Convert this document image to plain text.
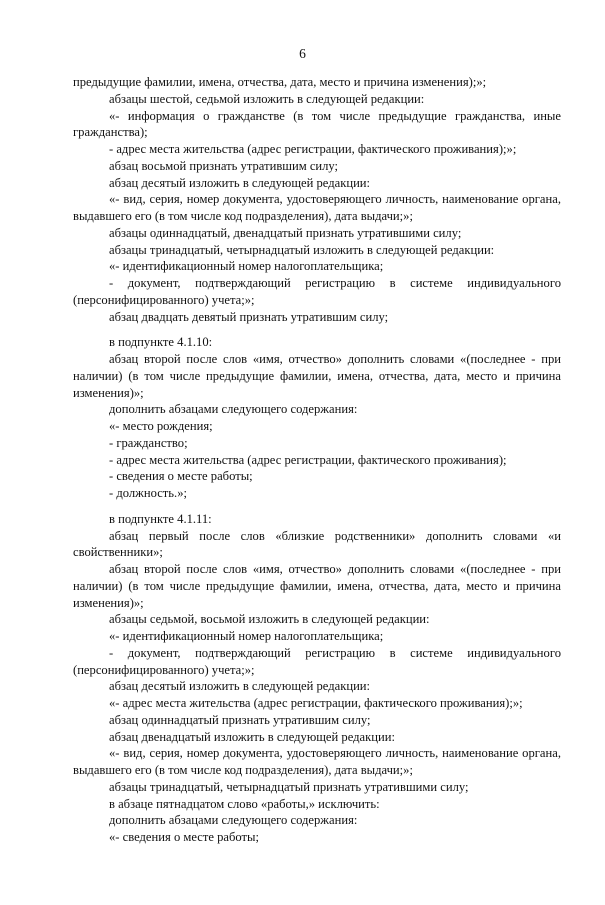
6

предыдущие фамилии, имена, отчества, дата, место и причина изменения);»;

абзацы шестой, седьмой изложить в следующей редакции:

«- информация о гражданстве (в том числе предыдущие гражданства, иные гражданства);

- адрес места жительства (адрес регистрации, фактического проживания);»;

абзац восьмой признать утратившим силу;

абзац десятый изложить в следующей редакции:

«- вид, серия, номер документа, удостоверяющего личность, наименование органа, выдавшего его (в том числе код подразделения), дата выдачи;»;

абзацы одиннадцатый, двенадцатый признать утратившими силу;

абзацы тринадцатый, четырнадцатый изложить в следующей редакции:

«- идентификационный номер налогоплательщика;

- документ, подтверждающий регистрацию в системе индивидуального (персонифицированного) учета;»;

абзац двадцать девятый признать утратившим силу;

в подпункте 4.1.10:

абзац второй после слов «имя, отчество» дополнить словами «(последнее - при наличии) (в том числе предыдущие фамилии, имена, отчества, дата, место и причина изменения)»;

дополнить абзацами следующего содержания:

«- место рождения;

- гражданство;

- адрес места жительства (адрес регистрации, фактического проживания);

- сведения о месте работы;

- должность.»;

в подпункте 4.1.11:

абзац первый после слов «близкие родственники» дополнить словами «и свойственники»;

абзац второй после слов «имя, отчество» дополнить словами «(последнее - при наличии) (в том числе предыдущие фамилии, имена, отчества, дата, место и причина изменения)»;

абзацы седьмой, восьмой изложить в следующей редакции:

«- идентификационный номер налогоплательщика;

- документ, подтверждающий регистрацию в системе индивидуального (персонифицированного) учета;»;

абзац десятый изложить в следующей редакции:

«- адрес места жительства (адрес регистрации, фактического проживания);»;

абзац одиннадцатый признать утратившим силу;

абзац двенадцатый изложить в следующей редакции:

«- вид, серия, номер документа, удостоверяющего личность, наименование органа, выдавшего его (в том числе код подразделения), дата выдачи;»;

абзацы тринадцатый, четырнадцатый признать утратившими силу;

в абзаце пятнадцатом слово «работы,» исключить:

дополнить абзацами следующего содержания:

«- сведения о месте работы;
